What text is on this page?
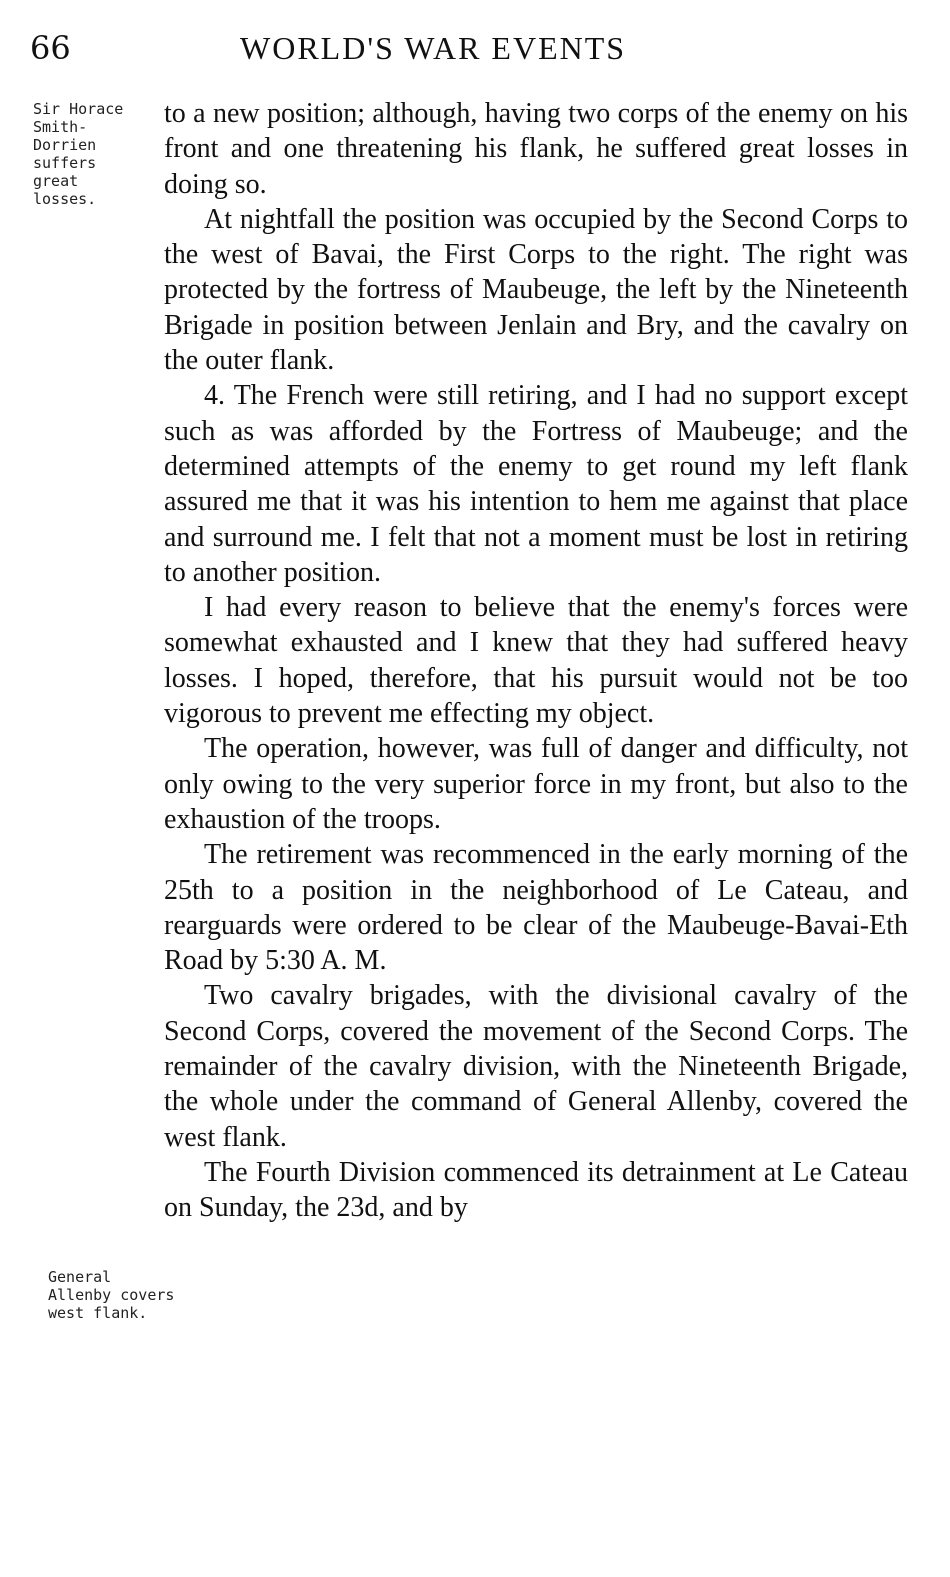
66	WORLD'S WAR EVENTS
Sir Horace Smith-Dorrien suffers great losses.
General Allenby covers west flank.

to a new position; although, having two corps of the enemy on his front and one threatening his flank, he suffered great losses in doing so.

At nightfall the position was occupied by the Second Corps to the west of Bavai, the First Corps to the right. The right was protected by the fortress of Maubeuge, the left by the Nineteenth Brigade in position between Jenlain and Bry, and the cavalry on the outer flank.

4. The French were still retiring, and I had no support except such as was afforded by the Fortress of Maubeuge; and the determined attempts of the enemy to get round my left flank assured me that it was his intention to hem me against that place and surround me. I felt that not a moment must be lost in retiring to another position.

I had every reason to believe that the enemy's forces were somewhat exhausted and I knew that they had suffered heavy losses. I hoped, therefore, that his pursuit would not be too vigorous to prevent me effecting my object.

The operation, however, was full of danger and difficulty, not only owing to the very superior force in my front, but also to the exhaustion of the troops.

The retirement was recommenced in the early morning of the 25th to a position in the neighborhood of Le Cateau, and rearguards were ordered to be clear of the Maubeuge-Bavai-Eth Road by 5:30 A. M.

Two cavalry brigades, with the divisional cavalry of the Second Corps, covered the movement of the Second Corps. The remainder of the cavalry division, with the Nineteenth Brigade, the whole under the command of General Allenby, covered the west flank.

The Fourth Division commenced its detrainment at Le Cateau on Sunday, the 23d, and by
